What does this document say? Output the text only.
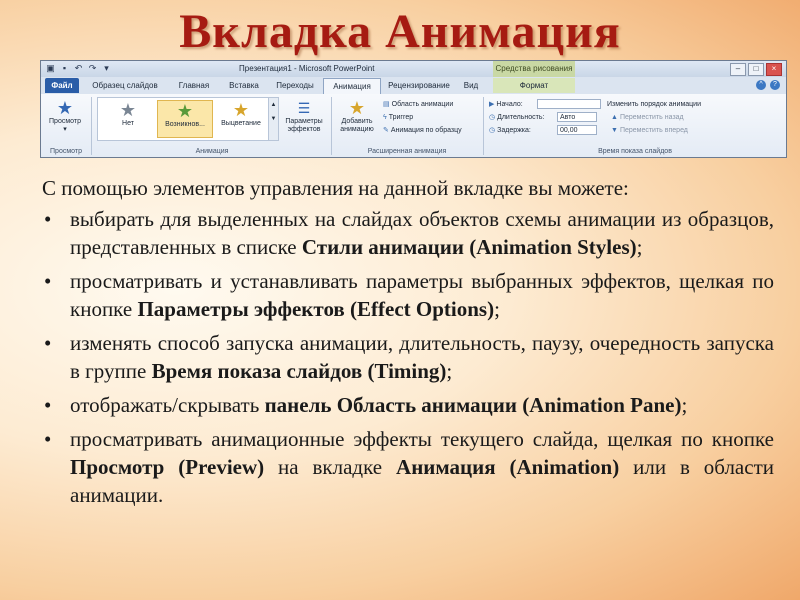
Вкладка Анимация
▣ ▪ ↶ ↷ ▾	Презентация1 - Microsoft PowerPoint	Средства рисования	–	□	×
Файл	Образец слайдов	Главная	Вставка	Переходы	Анимация	Рецензирование	Вид	Формат	^	?
★
Просмотр
▾
Просмотр
★
Нет
★
Возникнов...
★
Выцветание
▲
▼
☰
Параметры эффектов
Анимация
★
Добавить анимацию
▤ Область анимации
ϟ Триггер
✎ Анимация по образцу
Расширенная анимация
▶ Начало:
◷ Длительность:	Авто
◷ Задержка:	00,00
Изменить порядок анимации
▲ Переместить назад
▼ Переместить вперед
Время показа слайдов

С помощью элементов управления на данной вкладке вы можете:

• выбирать для выделенных на слайдах объектов схемы анимации из образцов, представленных в списке Стили анимации (Animation Styles);
• просматривать и устанавливать параметры выбранных эффектов, щелкая по кнопке Параметры эффектов (Effect Options);
• изменять способ запуска анимации, длительность, паузу, очередность запуска в группе Время показа слайдов (Timing);
• отображать/скрывать панель Область анимации (Animation Pane);
• просматривать анимационные эффекты текущего слайда, щелкая по кнопке Просмотр (Preview) на вкладке Анимация (Animation) или в области анимации.
